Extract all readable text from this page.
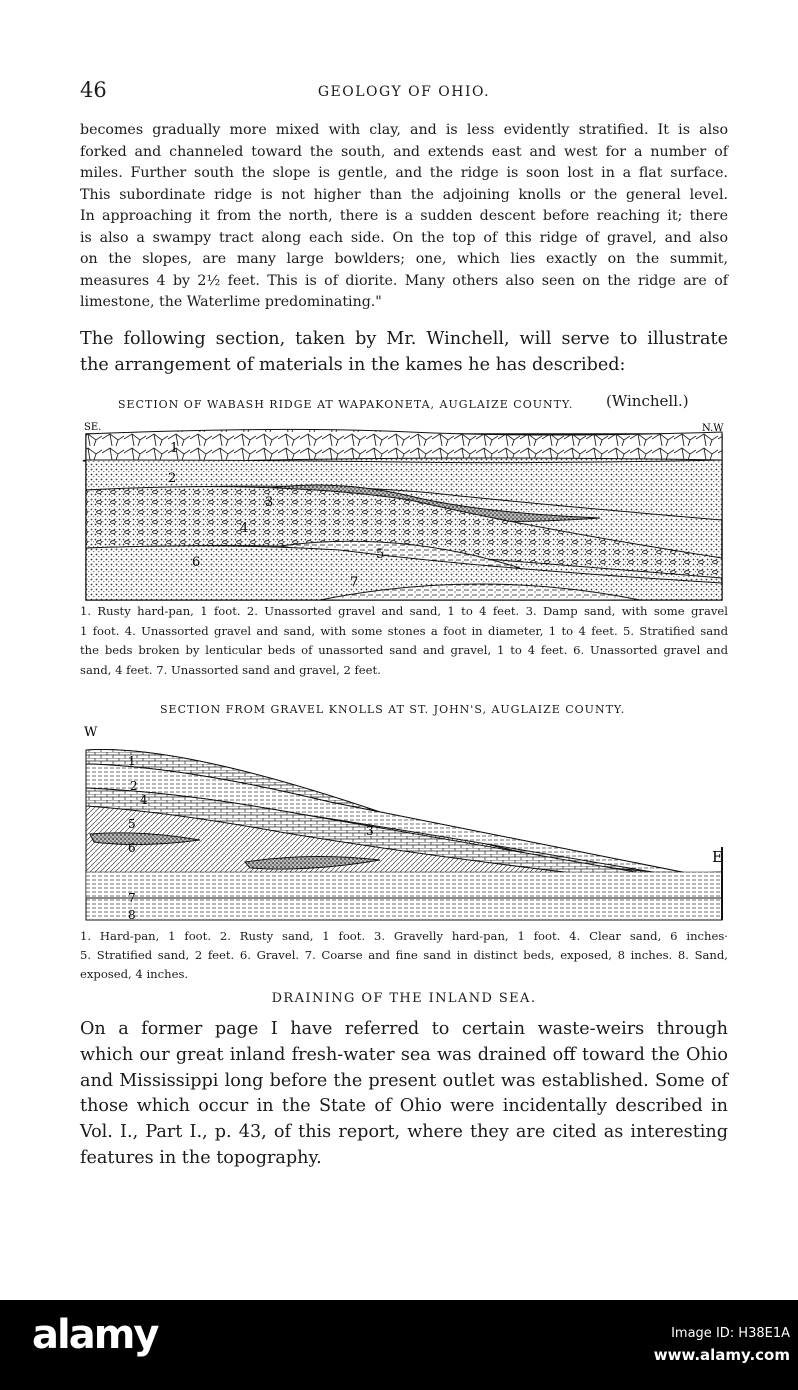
46	GEOLOGY OF OHIO.
becomes gradually more mixed with clay, and is less evidently stratified. It is also
forked and channeled toward the south, and extends east and west for a number of
miles. Further south the slope is gentle, and the ridge is soon lost in a flat surface.
This subordinate ridge is not higher than the adjoining knolls or the general level.
In approaching it from the north, there is a sudden descent before reaching it; there
is also a swampy tract along each side. On the top of this ridge of gravel, and also
on the slopes, are many large bowlders; one, which lies exactly on the summit,
measures 4 by 2½ feet. This is of diorite. Many others also seen on the ridge are of
limestone, the Waterlime predominating."
The following section, taken by Mr. Winchell, will serve to illustrate
the arrangement of materials in the kames he has described:
SECTION OF WABASH RIDGE AT WAPAKONETA, AUGLAIZE COUNTY. (Winchell.)
SE.	N.W
1
2
3
4
5
6
7
1. Rusty hard-pan, 1 foot. 2. Unassorted gravel and sand, 1 to 4 feet. 3. Damp sand, with some gravel
1 foot. 4. Unassorted gravel and sand, with some stones a foot in diameter, 1 to 4 feet. 5. Stratified sand
the beds broken by lenticular beds of unassorted sand and gravel, 1 to 4 feet. 6. Unassorted gravel and
sand, 4 feet. 7. Unassorted sand and gravel, 2 feet.
SECTION FROM GRAVEL KNOLLS AT ST. JOHN'S, AUGLAIZE COUNTY.
W
E
1
2
3
4
5
6
7
8
1. Hard-pan, 1 foot. 2. Rusty sand, 1 foot. 3. Gravelly hard-pan, 1 foot. 4. Clear sand, 6 inches·
5. Stratified sand, 2 feet. 6. Gravel. 7. Coarse and fine sand in distinct beds, exposed, 8 inches. 8. Sand,
exposed, 4 inches.
DRAINING OF THE INLAND SEA.
On a former page I have referred to certain waste-weirs through
which our great inland fresh-water sea was drained off toward the Ohio
and Mississippi long before the present outlet was established. Some of
those which occur in the State of Ohio were incidentally described in
Vol. I., Part I., p. 43, of this report, where they are cited as interesting
features in the topography.
alamy	Image ID: H38E1A
www.alamy.com
